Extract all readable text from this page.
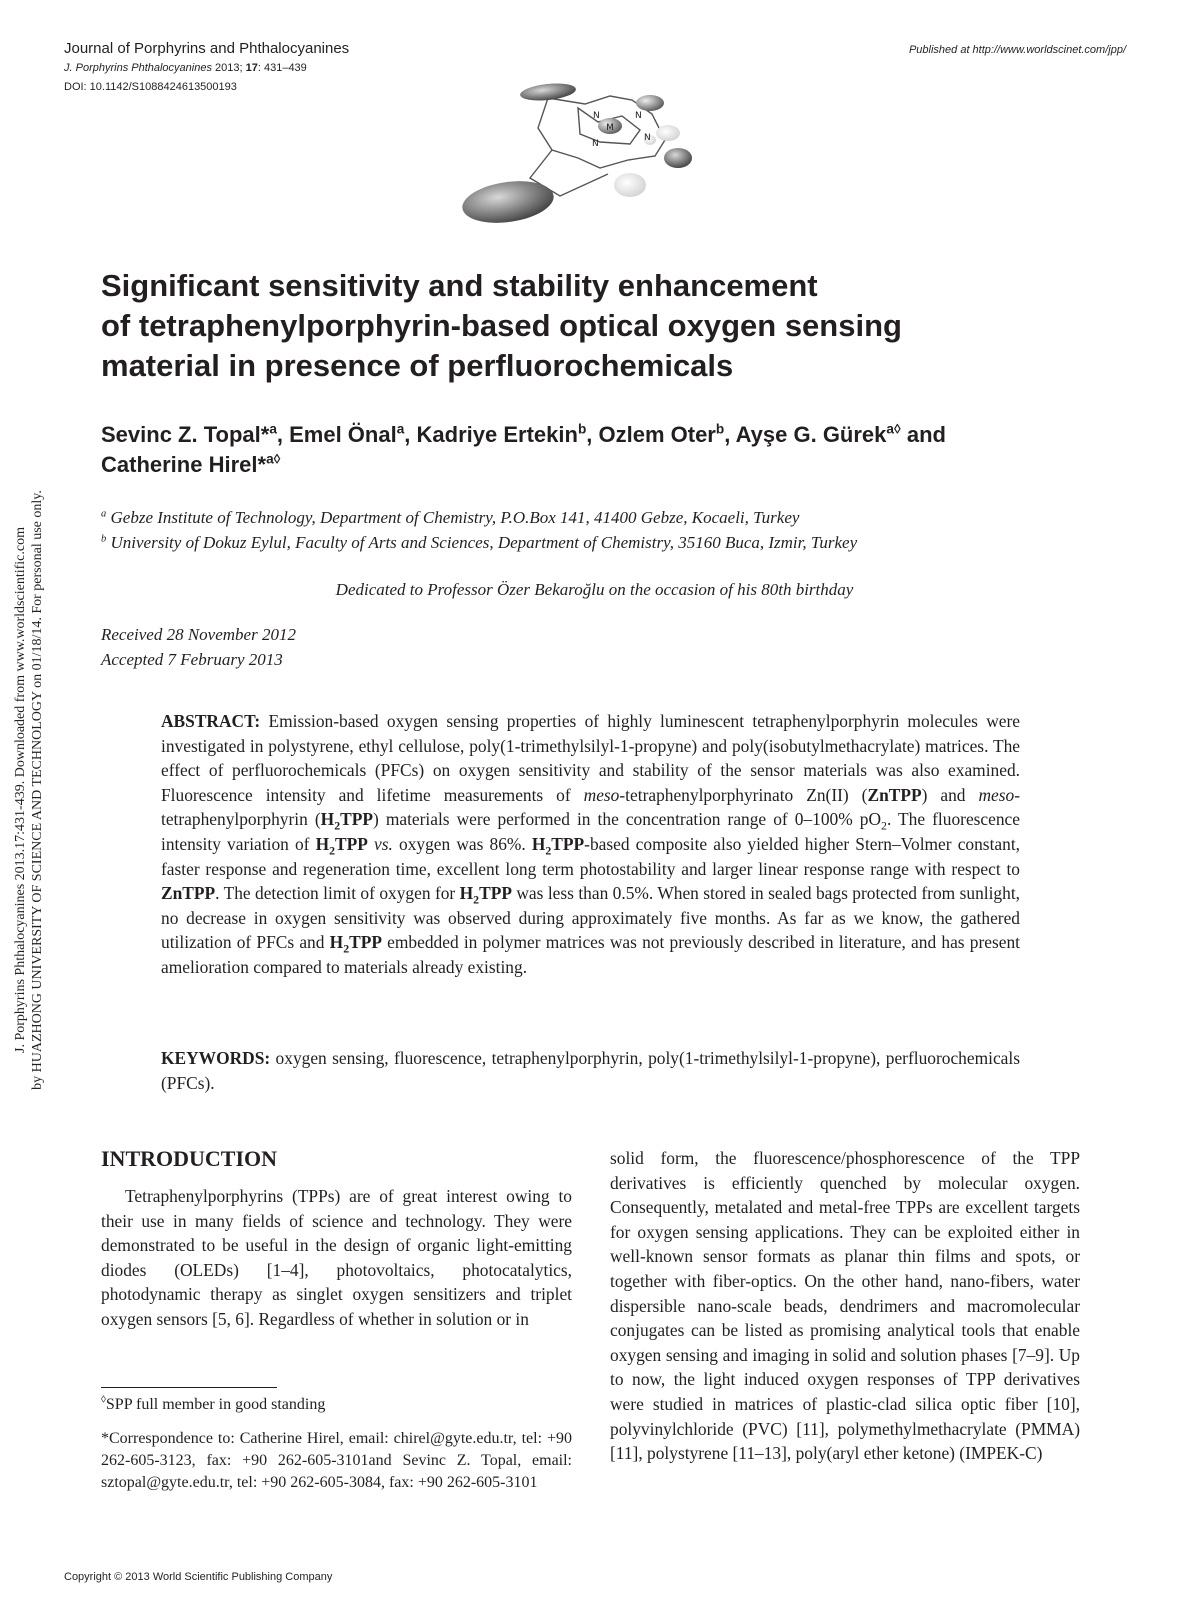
Journal of Porphyrins and Phthalocyanines
J. Porphyrins Phthalocyanines 2013; 17: 431–439
DOI: 10.1142/S1088424613500193
Published at http://www.worldscinet.com/jpp/
M
N	N
N
N
Significant sensitivity and stability enhancement
of tetraphenylporphyrin-based optical oxygen sensing
material in presence of perfluorochemicals
Sevinc Z. Topal*$^a$, Emel Önal$^a$, Kadriye Ertekin$^b$, Ozlem Oter$^b$, Ayşe G. Gürek$^{a◊}$ and
Catherine Hirel*$^{a◊}$
$^a$ Gebze Institute of Technology, Department of Chemistry, P.O.Box 141, 41400 Gebze, Kocaeli, Turkey
$^b$ University of Dokuz Eylul, Faculty of Arts and Sciences, Department of Chemistry, 35160 Buca, Izmir, Turkey
Dedicated to Professor Özer Bekaroğlu on the occasion of his 80th birthday
Received 28 November 2012
Accepted 7 February 2013
ABSTRACT: Emission-based oxygen sensing properties of highly luminescent tetraphenylporphyrin molecules were investigated in polystyrene, ethyl cellulose, poly(1-trimethylsilyl-1-propyne) and poly(isobutylmethacrylate) matrices. The effect of perfluorochemicals (PFCs) on oxygen sensitivity and stability of the sensor materials was also examined. Fluorescence intensity and lifetime measurements of meso-tetraphenylporphyrinato Zn(II) (ZnTPP) and meso-tetraphenylporphyrin $(H_2TPP)$ materials were performed in the concentration range of 0–100% $pO_2$. The fluorescence intensity variation of $H_2TPP$ vs. oxygen was 86%. $H_2TPP$-based composite also yielded higher Stern–Volmer constant, faster response and regeneration time, excellent long term photostability and larger linear response range with respect to ZnTPP. The detection limit of oxygen for $H_2TPP$ was less than 0.5%. When stored in sealed bags protected from sunlight, no decrease in oxygen sensitivity was observed during approximately five months. As far as we know, the gathered utilization of PFCs and $H_2TPP$ embedded in polymer matrices was not previously described in literature, and has present amelioration compared to materials already existing.
KEYWORDS: oxygen sensing, fluorescence, tetraphenylporphyrin, poly(1-trimethylsilyl-1-propyne), perfluorochemicals (PFCs).
J. Porphyrins Phthalocyanines 2013.17:431-439. Downloaded from www.worldscientific.com by HUAZHONG UNIVERSITY OF SCIENCE AND TECHNOLOGY on 01/18/14. For personal use only.
INTRODUCTION
Tetraphenylporphyrins (TPPs) are of great interest owing to their use in many fields of science and technology. They were demonstrated to be useful in the design of organic light-emitting diodes (OLEDs) [1–4], photovoltaics, photocatalytics, photodynamic therapy as singlet oxygen sensitizers and triplet oxygen sensors [5, 6]. Regardless of whether in solution or in
solid form, the fluorescence/phosphorescence of the TPP derivatives is efficiently quenched by molecular oxygen. Consequently, metalated and metal-free TPPs are excellent targets for oxygen sensing applications. They can be exploited either in well-known sensor formats as planar thin films and spots, or together with fiber-optics. On the other hand, nano-fibers, water dispersible nano-scale beads, dendrimers and macromolecular conjugates can be listed as promising analytical tools that enable oxygen sensing and imaging in solid and solution phases [7–9]. Up to now, the light induced oxygen responses of TPP derivatives were studied in matrices of plastic-clad silica optic fiber [10], polyvinylchloride (PVC) [11], polymethylmethacrylate (PMMA) [11], polystyrene [11–13], poly(aryl ether ketone) (IMPEK-C)
◊SPP full member in good standing
*Correspondence to: Catherine Hirel, email: chirel@gyte.edu.tr, tel: +90 262-605-3123, fax: +90 262-605-3101and Sevinc Z. Topal, email: sztopal@gyte.edu.tr, tel: +90 262-605-3084, fax: +90 262-605-3101
Copyright © 2013 World Scientific Publishing Company
